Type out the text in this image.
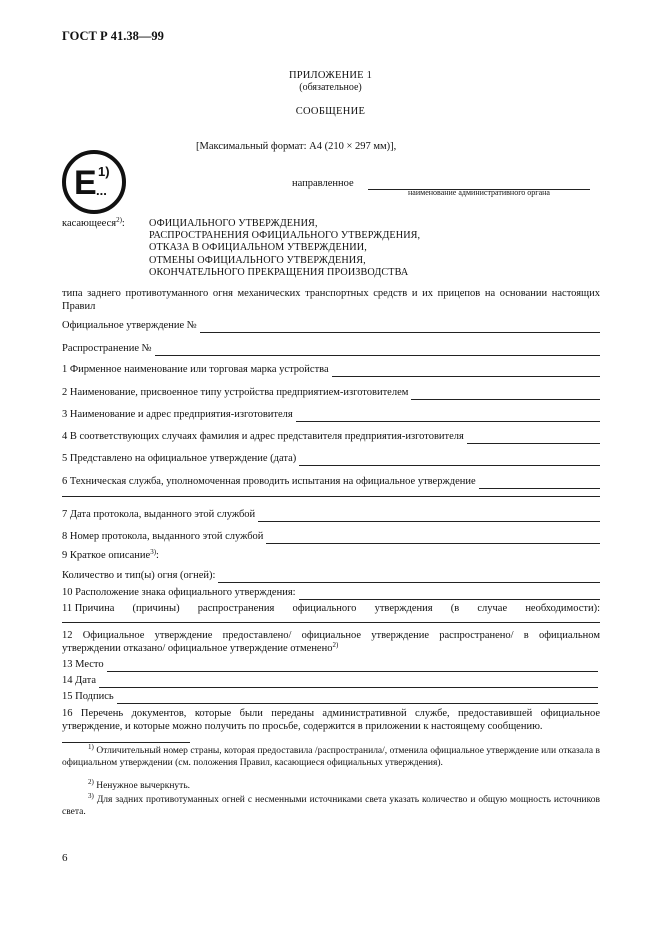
ГОСТ Р 41.38—99
ПРИЛОЖЕНИЕ 1
(обязательное)
СООБЩЕНИЕ
[Максимальный формат: А4 (210 × 297 мм)],
E 1)
...	направленное
наименование административного органа
касающееся$^{2)}$: ОФИЦИАЛЬНОГО УТВЕРЖДЕНИЯ,
РАСПРОСТРАНЕНИЯ ОФИЦИАЛЬНОГО УТВЕРЖДЕНИЯ,
ОТКАЗА В ОФИЦИАЛЬНОМ УТВЕРЖДЕНИИ,
ОТМЕНЫ ОФИЦИАЛЬНОГО УТВЕРЖДЕНИЯ,
ОКОНЧАТЕЛЬНОГО ПРЕКРАЩЕНИЯ ПРОИЗВОДСТВА
типа заднего противотуманного огня механических транспортных средств и их прицепов на основании настоящих Правил
Официальное утверждение №
Распространение №
1 Фирменное наименование или торговая марка устройства
2 Наименование, присвоенное типу устройства предприятием-изготовителем
3 Наименование и адрес предприятия-изготовителя
4 В соответствующих случаях фамилия и адрес представителя предприятия-изготовителя
5 Представлено на официальное утверждение (дата)
6 Техническая служба, уполномоченная проводить испытания на официальное утверждение
7 Дата протокола, выданного этой службой
8 Номер протокола, выданного этой службой
9 Краткое описание$^{3)}$:
Количество и тип(ы) огня (огней):
10 Расположение знака официального утверждения:
11 Причина (причины) распространения официального утверждения (в случае необходимости):
12 Официальное утверждение предоставлено/ официальное утверждение распространено/ в официальном утверждении отказано/ официальное утверждение отменено$^{2)}$
13 Место
14 Дата
15 Подпись
16 Перечень документов, которые были переданы административной службе, предоставившей официальное утверждение, и которые можно получить по просьбе, содержится в приложении к настоящему сообщению.
$^{1)}$ Отличительный номер страны, которая предоставила /распространила/, отменила официальное утверждение или отказала в официальном утверждении (см. положения Правил, касающиеся официальных утверждения).
$^{2)}$ Ненужное вычеркнуть.
$^{3)}$ Для задних противотуманных огней с несменными источниками света указать количество и общую мощность источников света.
6
